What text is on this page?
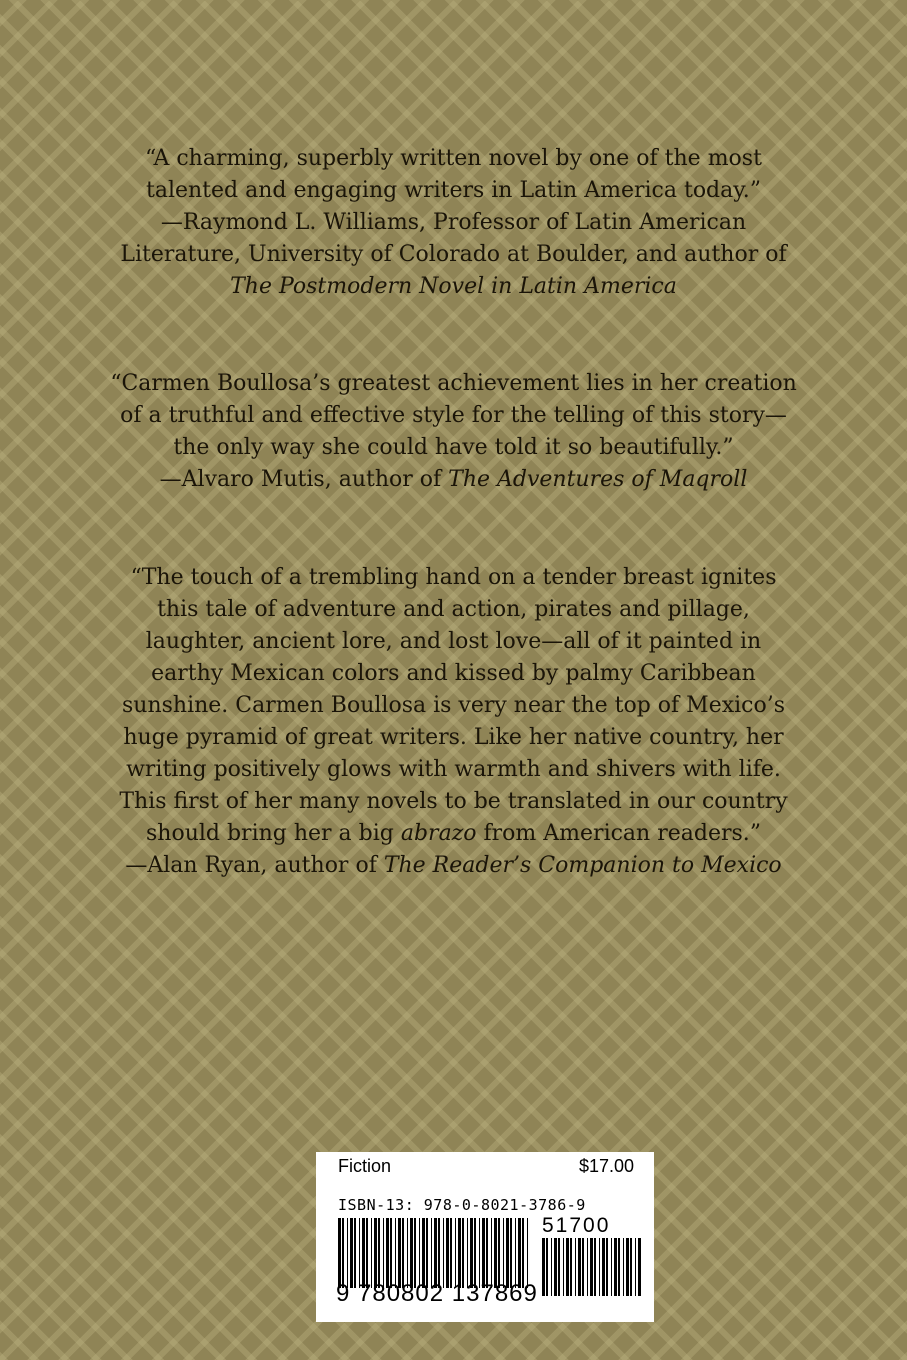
“A charming, superbly written novel by one of the most

talented and engaging writers in Latin America today.”

—Raymond L. Williams, Professor of Latin American

Literature, University of Colorado at Boulder, and author of

The Postmodern Novel in Latin America

“Carmen Boullosa’s greatest achievement lies in her creation

of a truthful and effective style for the telling of this story—

the only way she could have told it so beautifully.”

—Alvaro Mutis, author of The Adventures of Maqroll

“The touch of a trembling hand on a tender breast ignites

this tale of adventure and action, pirates and pillage,

laughter, ancient lore, and lost love—all of it painted in

earthy Mexican colors and kissed by palmy Caribbean

sunshine. Carmen Boullosa is very near the top of Mexico’s

huge pyramid of great writers. Like her native country, her

writing positively glows with warmth and shivers with life.

This first of her many novels to be translated in our country

should bring her a big abrazo from American readers.”

—Alan Ryan, author of The Reader’s Companion to Mexico

Fiction	$17.00
ISBN-13: 978-0-8021-3786-9
51700
9 780802 137869
